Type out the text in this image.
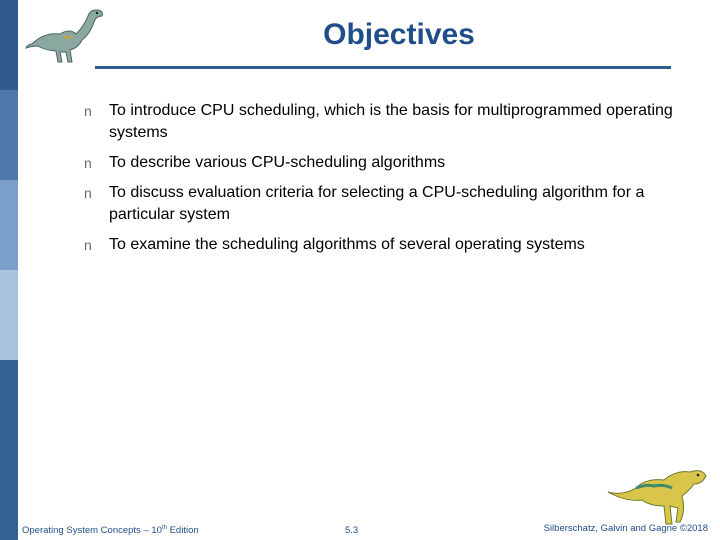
Objectives
n To introduce CPU scheduling, which is the basis for multiprogrammed operating systems
n To describe various CPU-scheduling algorithms
n To discuss evaluation criteria for selecting a CPU-scheduling algorithm for a particular system
n To examine the scheduling algorithms of several operating systems
Operating System Concepts – 10th Edition	5.3	Silberschatz, Galvin and Gagne ©2018
